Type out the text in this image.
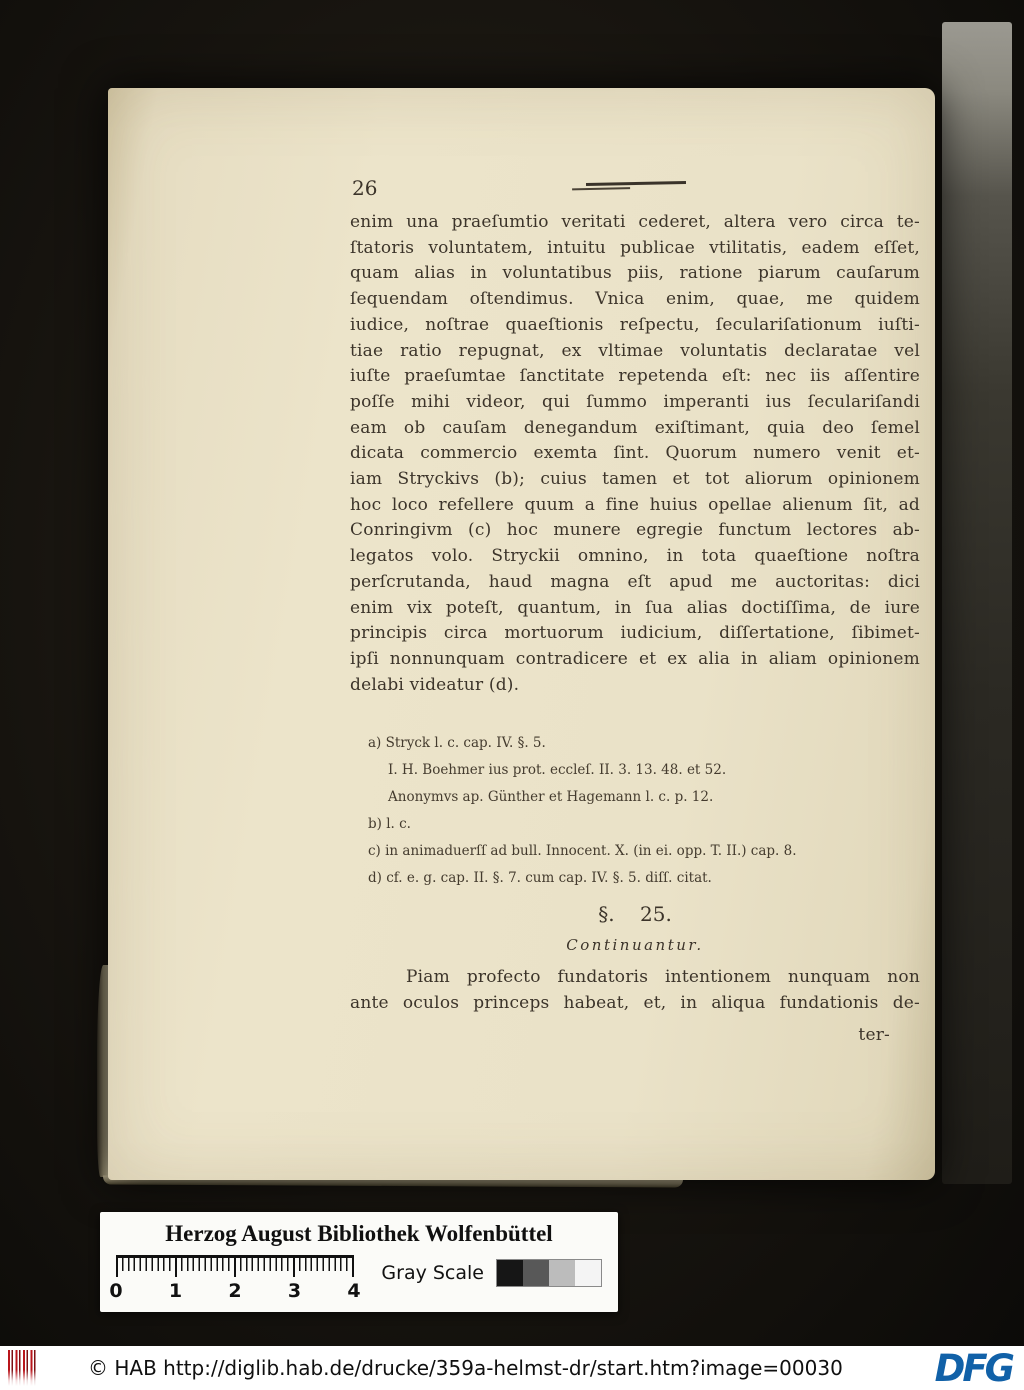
26
enim una praeſumtio veritati cederet, altera vero circa te-
ſtatoris voluntatem, intuitu publicae vtilitatis, eadem eſſet,
quam alias in voluntatibus piis, ratione piarum cauſarum
ſequendam oſtendimus. Vnica enim, quae, me quidem
iudice, noſtrae quaeſtionis reſpectu, ſeculariſationum iuſti-
tiae ratio repugnat, ex vltimae voluntatis declaratae vel
iuſte praeſumtae ſanctitate repetenda eſt: nec iis aſſentire
poſſe mihi videor, qui ſummo imperanti ius ſeculariſandi
eam ob cauſam denegandum exiſtimant, quia deo ſemel
dicata commercio exemta ſint. Quorum numero venit et-
iam Stryckivs (b); cuius tamen et tot aliorum opinionem
hoc loco refellere quum a fine huius opellae alienum ſit, ad
Conringivm (c) hoc munere egregie functum lectores ab-
legatos volo. Stryckii omnino, in tota quaeſtione noſtra
perſcrutanda, haud magna eſt apud me auctoritas: dici
enim vix poteſt, quantum, in ſua alias doctiſſima, de iure
principis circa mortuorum iudicium, diſſertatione, ſibimet-
ipſi nonnunquam contradicere et ex alia in aliam opinionem
delabi videatur (d).
a) Stryck l. c. cap. IV. §. 5.
I. H. Boehmer ius prot. eccleſ. II. 3. 13. 48. et 52.
Anonymvs ap. Günther et Hagemann l. c. p. 12.
b) l. c.
c) in animaduerſſ ad bull. Innocent. X. (in ei. opp. T. II.) cap. 8.
d) cf. e. g. cap. II. §. 7. cum cap. IV. §. 5. diſſ. citat.
§.    25.
Continuantur.
Piam profecto fundatoris intentionem nunquam non
ante oculos princeps habeat, et, in aliqua fundationis de-
ter-
Herzog August Bibliothek Wolfenbüttel
0 1 2 3 4
Gray Scale
© HAB http://diglib.hab.de/drucke/359a-helmst-dr/start.htm?image=00030 DFG
